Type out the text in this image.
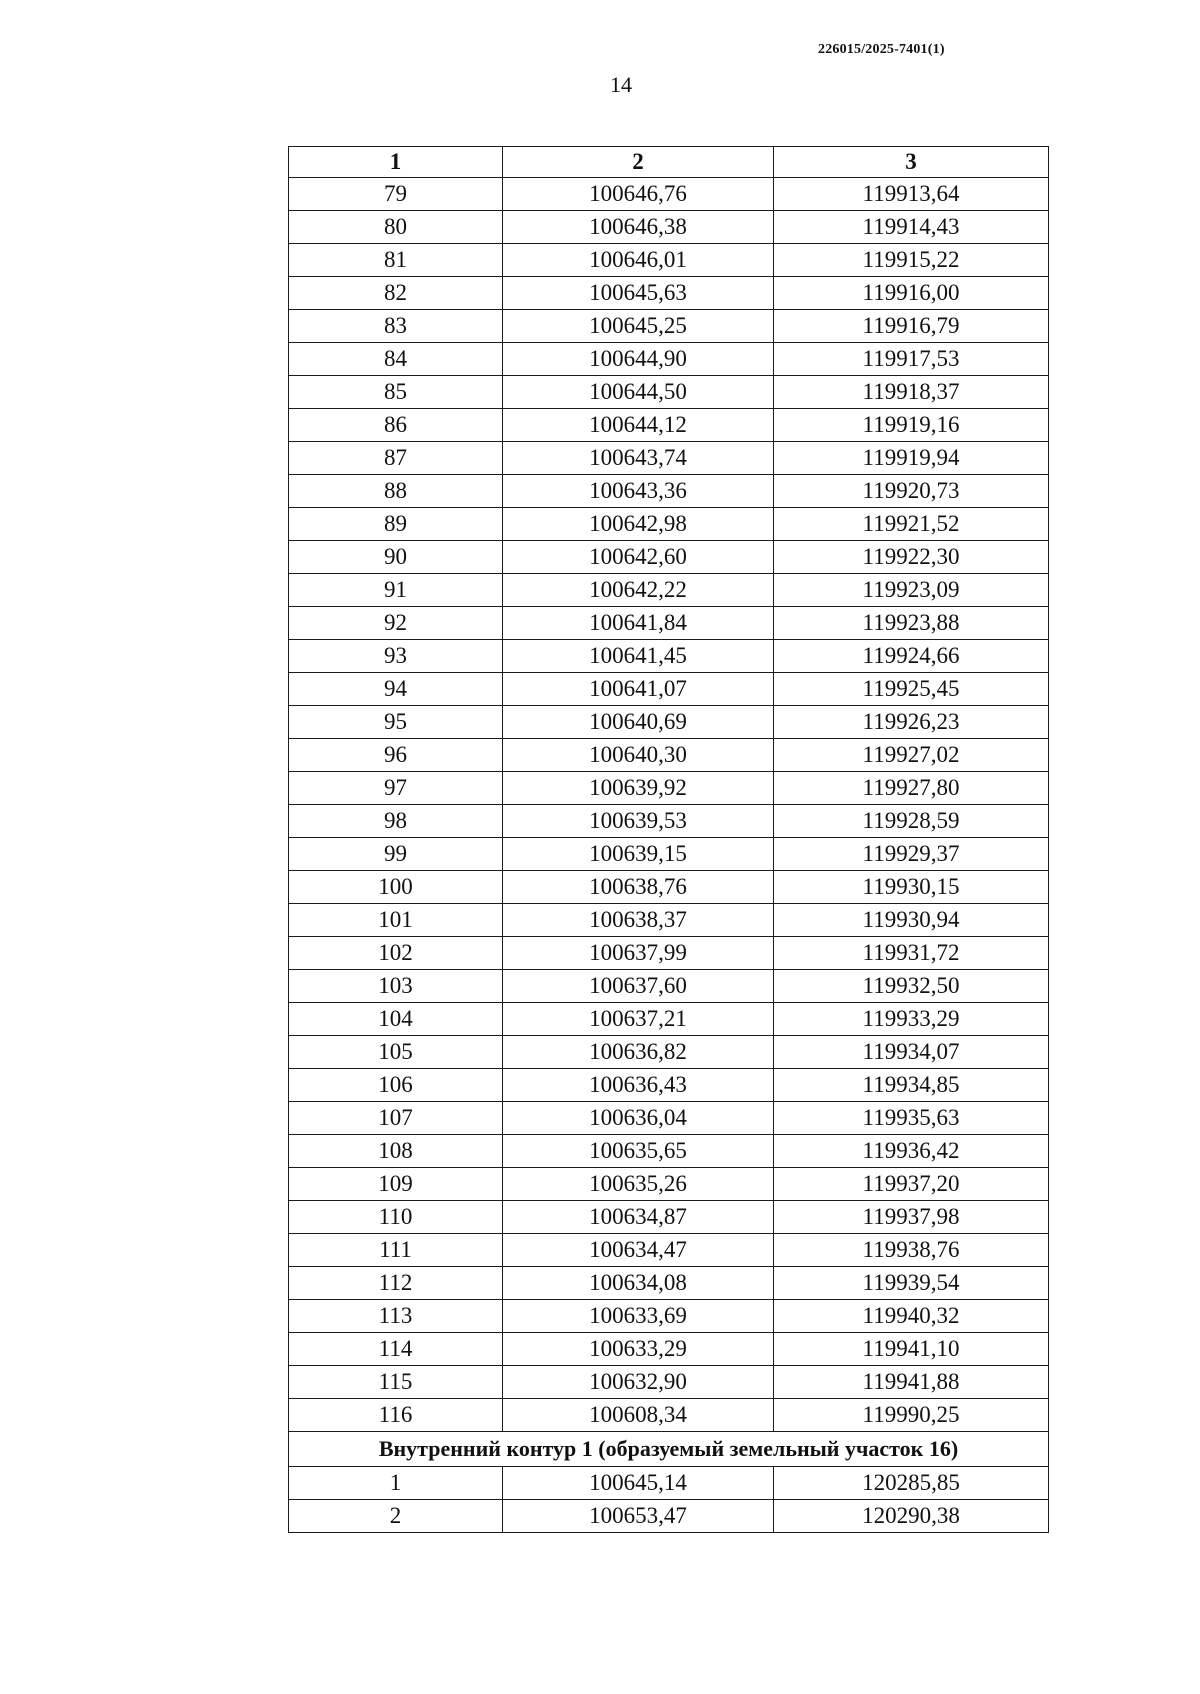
226015/2025-7401(1)
14
1	2	3
79	100646,76	119913,64
80	100646,38	119914,43
81	100646,01	119915,22
82	100645,63	119916,00
83	100645,25	119916,79
84	100644,90	119917,53
85	100644,50	119918,37
86	100644,12	119919,16
87	100643,74	119919,94
88	100643,36	119920,73
89	100642,98	119921,52
90	100642,60	119922,30
91	100642,22	119923,09
92	100641,84	119923,88
93	100641,45	119924,66
94	100641,07	119925,45
95	100640,69	119926,23
96	100640,30	119927,02
97	100639,92	119927,80
98	100639,53	119928,59
99	100639,15	119929,37
100	100638,76	119930,15
101	100638,37	119930,94
102	100637,99	119931,72
103	100637,60	119932,50
104	100637,21	119933,29
105	100636,82	119934,07
106	100636,43	119934,85
107	100636,04	119935,63
108	100635,65	119936,42
109	100635,26	119937,20
110	100634,87	119937,98
111	100634,47	119938,76
112	100634,08	119939,54
113	100633,69	119940,32
114	100633,29	119941,10
115	100632,90	119941,88
116	100608,34	119990,25
Внутренний контур 1 (образуемый земельный участок 16)		
1	100645,14	120285,85
2	100653,47	120290,38
